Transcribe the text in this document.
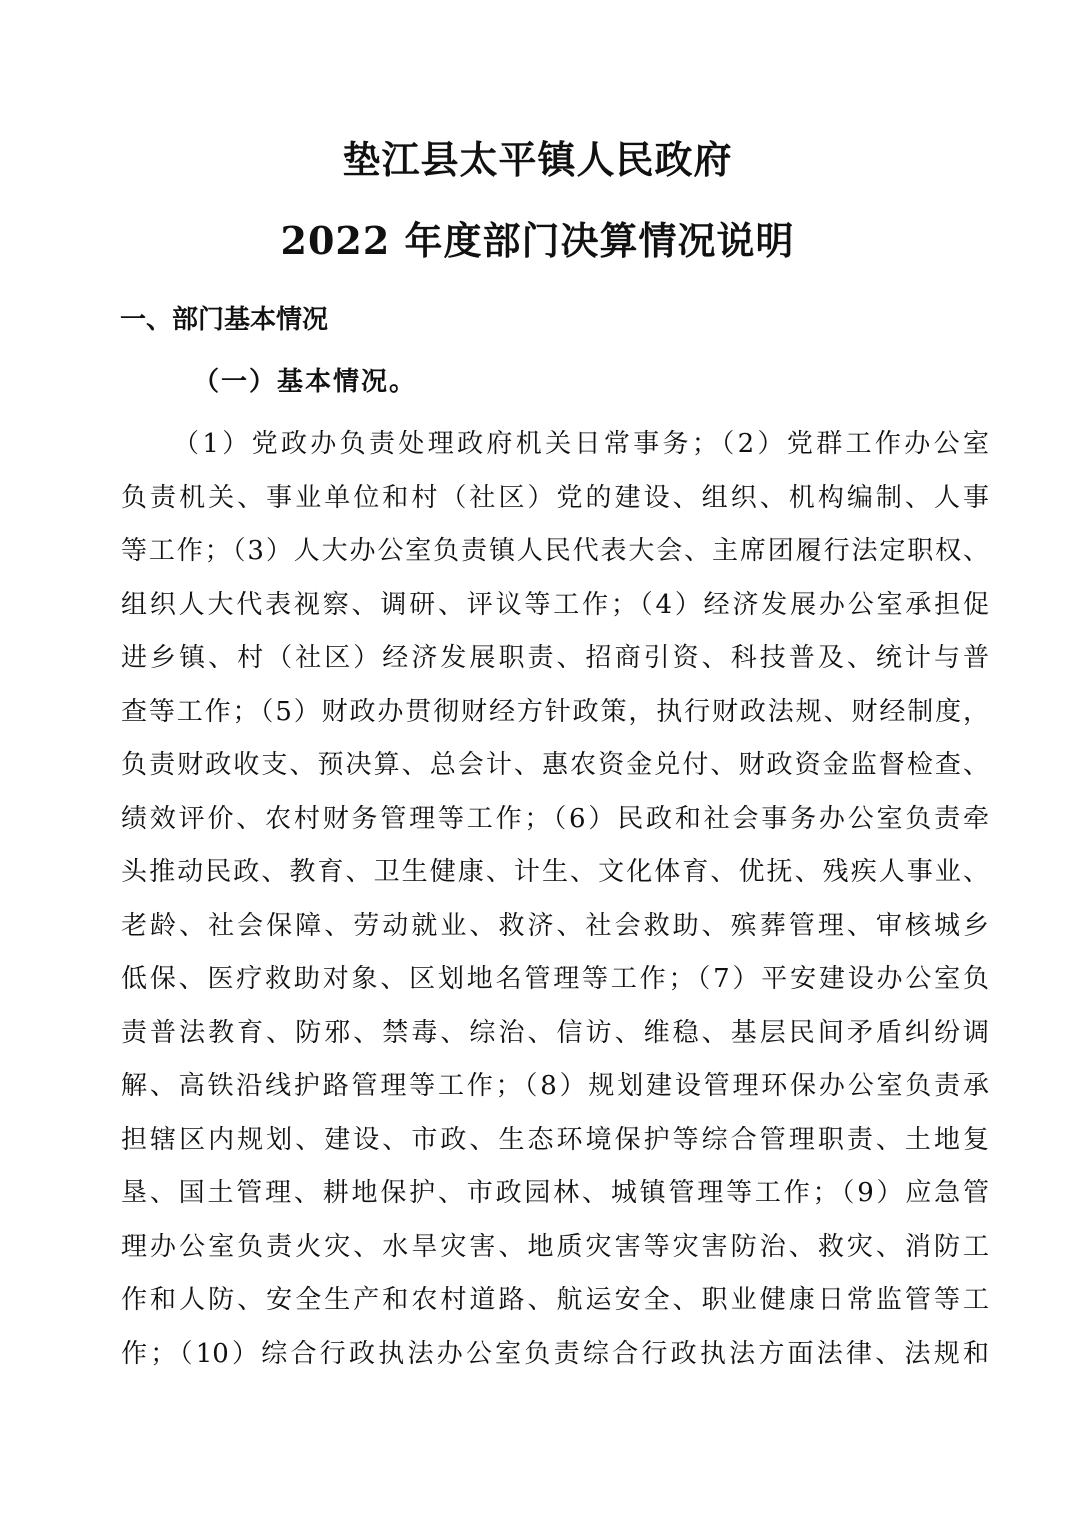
垫江县太平镇人民政府
2022 年度部门决算情况说明
一、部门基本情况
（一）基本情况。
（1）党政办负责处理政府机关日常事务；（2）党群工作办公室
负责机关、事业单位和村（社区）党的建设、组织、机构编制、人事
等工作；（3）人大办公室负责镇人民代表大会、主席团履行法定职权、
组织人大代表视察、调研、评议等工作；（4）经济发展办公室承担促
进乡镇、村（社区）经济发展职责、招商引资、科技普及、统计与普
查等工作；（5）财政办贯彻财经方针政策，执行财政法规、财经制度，
负责财政收支、预决算、总会计、惠农资金兑付、财政资金监督检查、
绩效评价、农村财务管理等工作；（6）民政和社会事务办公室负责牵
头推动民政、教育、卫生健康、计生、文化体育、优抚、残疾人事业、
老龄、社会保障、劳动就业、救济、社会救助、殡葬管理、审核城乡
低保、医疗救助对象、区划地名管理等工作；（7）平安建设办公室负
责普法教育、防邪、禁毒、综治、信访、维稳、基层民间矛盾纠纷调
解、高铁沿线护路管理等工作；（8）规划建设管理环保办公室负责承
担辖区内规划、建设、市政、生态环境保护等综合管理职责、土地复
垦、国土管理、耕地保护、市政园林、城镇管理等工作；（9）应急管
理办公室负责火灾、水旱灾害、地质灾害等灾害防治、救灾、消防工
作和人防、安全生产和农村道路、航运安全、职业健康日常监管等工
作；（10）综合行政执法办公室负责综合行政执法方面法律、法规和
